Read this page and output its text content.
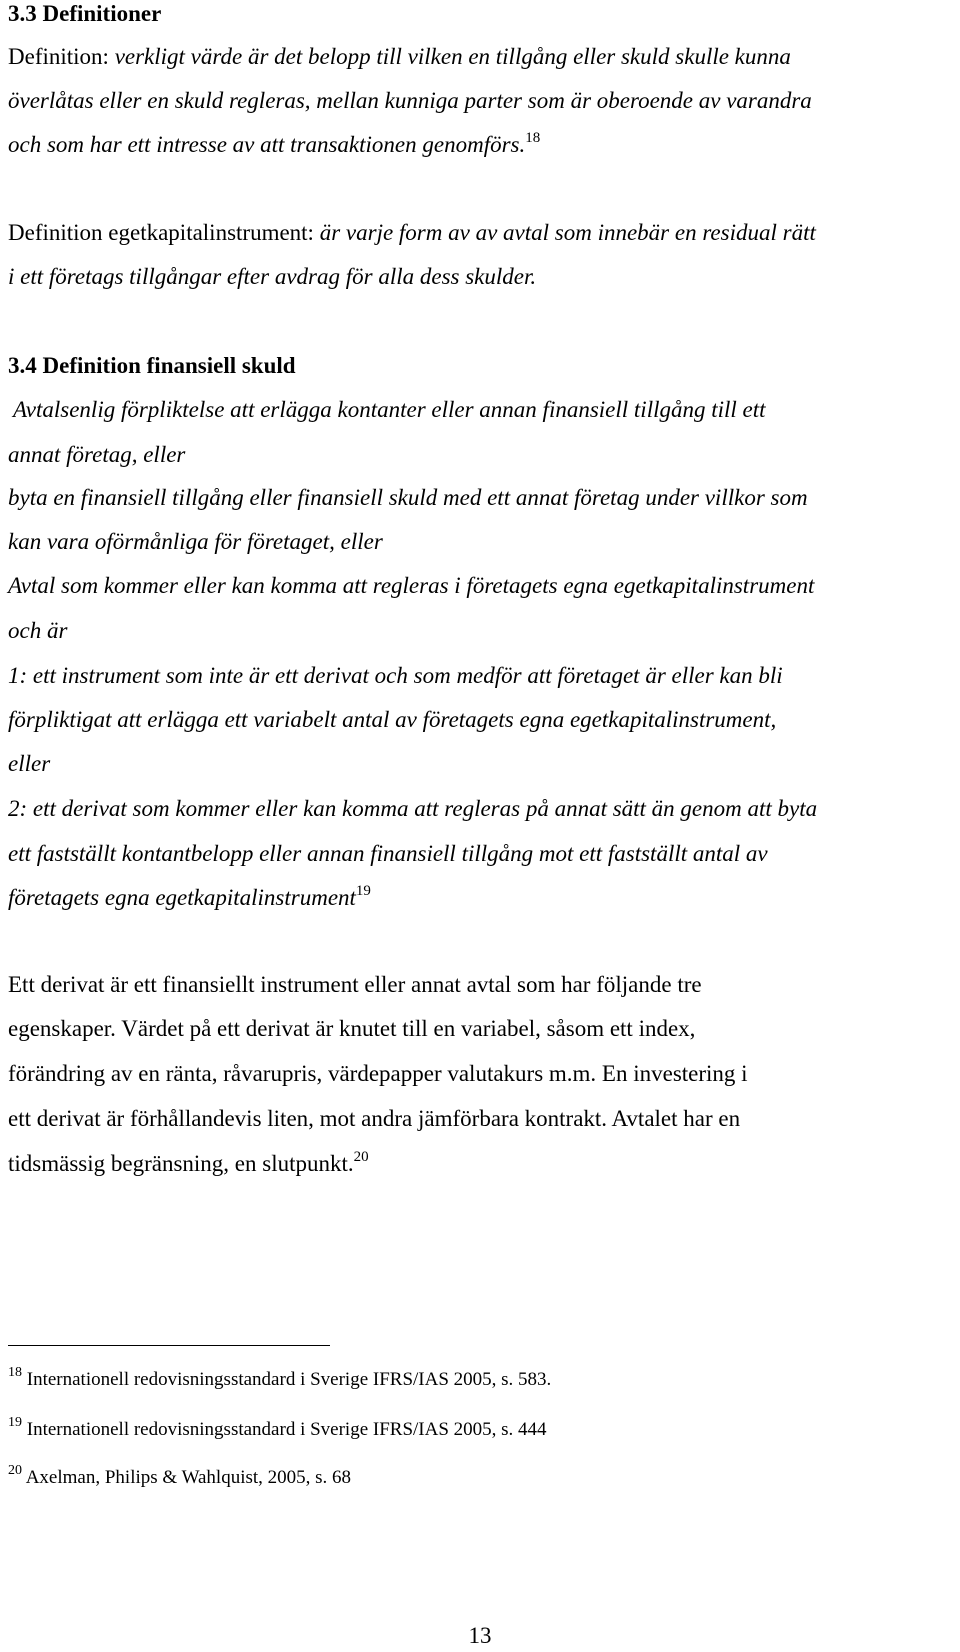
3.3 Definitioner
Definition: verkligt värde är det belopp till vilken en tillgång eller skuld skulle kunna
överlåtas eller en skuld regleras, mellan kunniga parter som är oberoende av varandra
och som har ett intresse av att transaktionen genomförs.$^{18}$
Definition egetkapitalinstrument: är varje form av av avtal som innebär en residual rätt
i ett företags tillgångar efter avdrag för alla dess skulder.
3.4 Definition finansiell skuld
Avtalsenlig förpliktelse att erlägga kontanter eller annan finansiell tillgång till ett
annat företag, eller
byta en finansiell tillgång eller finansiell skuld med ett annat företag under villkor som
kan vara oförmånliga för företaget, eller
Avtal som kommer eller kan komma att regleras i företagets egna egetkapitalinstrument
och är
1: ett instrument som inte är ett derivat och som medför att företaget är eller kan bli
förpliktigat att erlägga ett variabelt antal av företagets egna egetkapitalinstrument,
eller
2: ett derivat som kommer eller kan komma att regleras på annat sätt än genom att byta
ett fastställt kontantbelopp eller annan finansiell tillgång mot ett fastställt antal av
företagets egna egetkapitalinstrument$^{19}$
Ett derivat är ett finansiellt instrument eller annat avtal som har följande tre
egenskaper. Värdet på ett derivat är knutet till en variabel, såsom ett index,
förändring av en ränta, råvarupris, värdepapper valutakurs m.m. En investering i
ett derivat är förhållandevis liten, mot andra jämförbara kontrakt. Avtalet har en
tidsmässig begränsning, en slutpunkt.$^{20}$
$^{18}$ Internationell redovisningsstandard i Sverige IFRS/IAS 2005, s. 583.
$^{19}$ Internationell redovisningsstandard i Sverige IFRS/IAS 2005, s. 444
$^{20}$ Axelman, Philips & Wahlquist, 2005, s. 68
13
